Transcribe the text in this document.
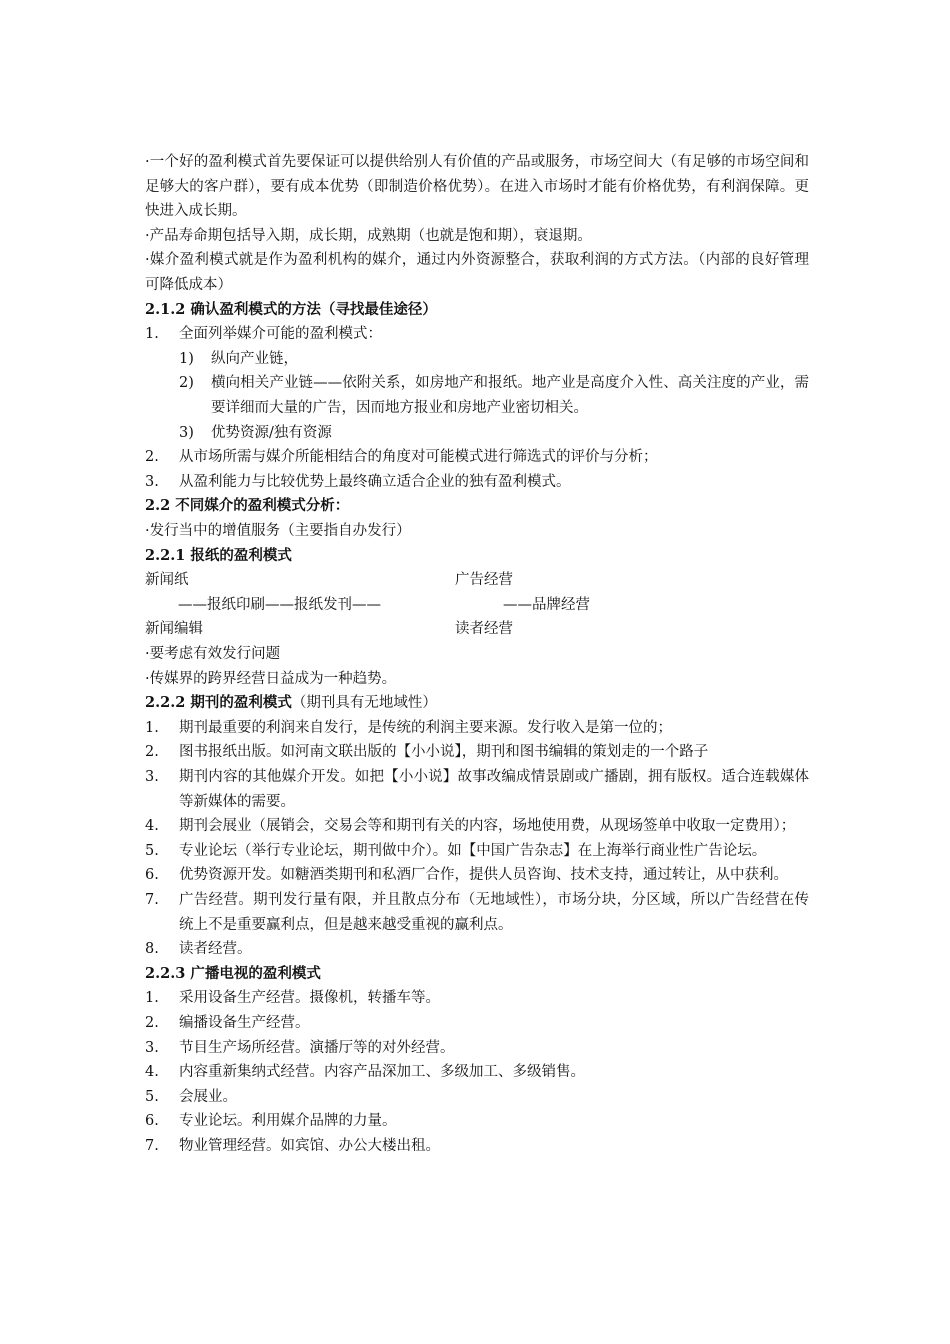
·一个好的盈利模式首先要保证可以提供给别人有价值的产品或服务，市场空间大（有足够的市场空间和足够大的客户群），要有成本优势（即制造价格优势）。在进入市场时才能有价格优势，有利润保障。更快进入成长期。
·产品寿命期包括导入期，成长期，成熟期（也就是饱和期），衰退期。
·媒介盈利模式就是作为盈利机构的媒介，通过内外资源整合，获取利润的方式方法。（内部的良好管理可降低成本）
2.1.2 确认盈利模式的方法（寻找最佳途径）
1. 全面列举媒介可能的盈利模式：
1) 纵向产业链，
2) 横向相关产业链——依附关系，如房地产和报纸。地产业是高度介入性、高关注度的产业，需要详细而大量的广告，因而地方报业和房地产业密切相关。
3) 优势资源/独有资源
2. 从市场所需与媒介所能相结合的角度对可能模式进行筛选式的评价与分析；
3. 从盈利能力与比较优势上最终确立适合企业的独有盈利模式。
2.2 不同媒介的盈利模式分析：
·发行当中的增值服务（主要指自办发行）
2.2.1 报纸的盈利模式
新闻纸	广告经营
——报纸印刷——报纸发刊——	——品牌经营
新闻编辑	读者经营
·要考虑有效发行问题
·传媒界的跨界经营日益成为一种趋势。
2.2.2 期刊的盈利模式（期刊具有无地域性）
1. 期刊最重要的利润来自发行，是传统的利润主要来源。发行收入是第一位的；
2. 图书报纸出版。如河南文联出版的【小小说】，期刊和图书编辑的策划走的一个路子
3. 期刊内容的其他媒介开发。如把【小小说】故事改编成情景剧或广播剧，拥有版权。适合连载媒体等新媒体的需要。
4. 期刊会展业（展销会，交易会等和期刊有关的内容，场地使用费，从现场签单中收取一定费用）；
5. 专业论坛（举行专业论坛，期刊做中介）。如【中国广告杂志】在上海举行商业性广告论坛。
6. 优势资源开发。如糖酒类期刊和私酒厂合作，提供人员咨询、技术支持，通过转让，从中获利。
7. 广告经营。期刊发行量有限，并且散点分布（无地域性），市场分块，分区域，所以广告经营在传统上不是重要赢利点，但是越来越受重视的赢利点。
8. 读者经营。
2.2.3 广播电视的盈利模式
1. 采用设备生产经营。摄像机，转播车等。
2. 编播设备生产经营。
3. 节目生产场所经营。演播厅等的对外经营。
4. 内容重新集纳式经营。内容产品深加工、多级加工、多级销售。
5. 会展业。
6. 专业论坛。利用媒介品牌的力量。
7. 物业管理经营。如宾馆、办公大楼出租。
